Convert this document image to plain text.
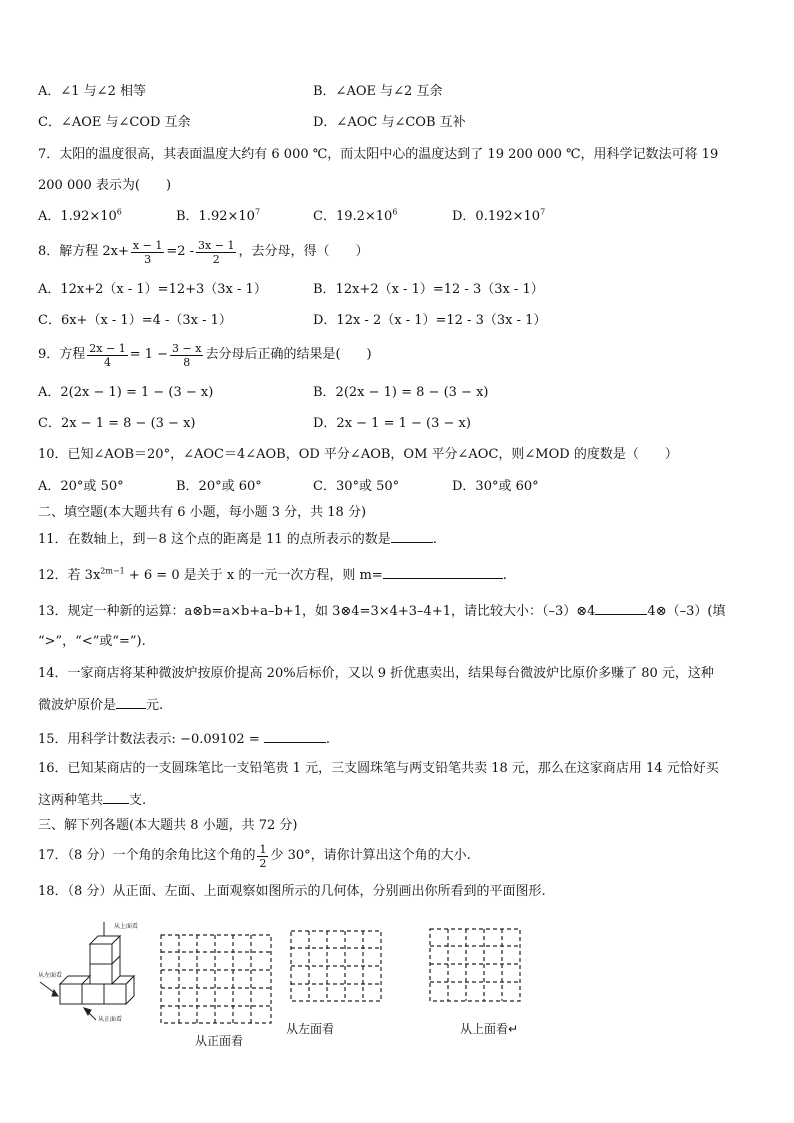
A．∠1 与∠2 相等	B．∠AOE 与∠2 互余
C．∠AOE 与∠COD 互余	D．∠AOC 与∠COB 互补
7．太阳的温度很高，其表面温度大约有 6 000 ℃，而太阳中心的温度达到了 19 200 000 ℃，用科学记数法可将 19
200 000 表示为(　　)
A．$1.92\times 10^6$	B．$1.92\times 10^7$	C．$19.2\times 10^6$	D．$0.192\times 10^7$
8．解方程 $2x+ \frac{x - 1}{3} =2 - 3x - 1$
2 ，去分母，得（　　）
A．12x+2（x - 1）=12+3（3x - 1）	B．12x+2（x - 1）=12 - 3（3x - 1）
C．6x+（x - 1）=4 -（3x - 1）	D．12x - 2（x - 1）=12 - 3（3x - 1）
9．方程 $\frac{2x - 1}{4} = 1 - \frac{3 - x}{8}$ 去分母后正确的结果是(　　)
A．2(2x − 1) = 1 − (3 − x)	B．2(2x − 1) = 8 − (3 − x)
C．2x − 1 = 8 − (3 − x)	D．2x − 1 = 1 − (3 − x)
10．已知∠AOB＝20°，∠AOC＝4∠AOB，OD 平分∠AOB，OM 平分∠AOC，则∠MOD 的度数是（　　）
A．20°或 50°	B．20°或 60°	C．30°或 50°	D．30°或 60°
二、填空题(本大题共有 6 小题，每小题 3 分，共 18 分)
11．在数轴上，到－8 这个点的距离是 11 的点所表示的数是	.
12．若 $3x^{2m-1} + 6 = 0$ 是关于 x 的一元一次方程，则 m=	.
13．规定一种新的运算：a⊗b=a×b+a–b+1，如 3⊗4=3×4+3–4+1，请比较大小：（–3）⊗4	4⊗（–3）(填
“>”，“<”或“=”).
14．一家商店将某种微波炉按原价提高 20%后标价，又以 9 折优惠卖出，结果每台微波炉比原价多赚了 80 元，这种
微波炉原价是 元.
15．用科学计数法表示: −0.09102 =	.
16．已知某商店的一支圆珠笔比一支铅笔贵 1 元，三支圆珠笔与两支铅笔共卖 18 元，那么在这家商店用 14 元恰好买
这两种笔共 支.
三、解下列各题(本大题共 8 小题，共 72 分)
17．（8 分）一个角的余角比这个角的 1
2 少 30°，请你计算出这个角的大小.
18．（8 分）从正面、左面、上面观察如图所示的几何体，分别画出你所看到的平面图形.
从上面看
从左面看
从正面看
从正面看
从左面看	从上面看↵
